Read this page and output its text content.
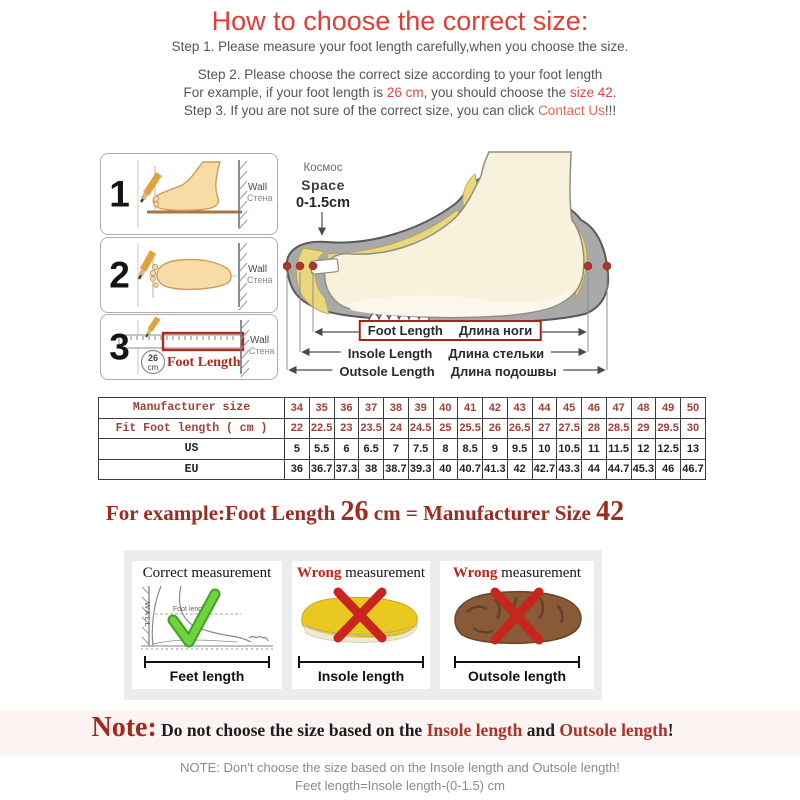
How to choose the correct size:
Step 1. Please measure your foot length carefully,when you choose the size.
Step 2. Please choose the correct size according to your foot length
For example, if your foot length is 26 cm, you should choose the size 42.
Step 3. If you are not sure of the correct size, you can click Contact Us!!!
Wall
Стена
1
Wall
Стена
2
26
cm Foot Length
Wall
Стена
3
Космос
Space
0-1.5cm
Foot Length Длина ноги
Insole Length Длина стельки
Outsole Length Длина подошвы
Manufacturer size	34	35	36	37	38	39	40	41	42	43	44	45	46	47	48	49	50
Fit Foot length ( cm )	22	22.5	23	23.5	24	24.5	25	25.5	26	26.5	27	27.5	28	28.5	29	29.5	30
US	5	5.5	6	6.5	7	7.5	8	8.5	9	9.5	10	10.5	11	11.5	12	12.5	13
EU	36	36.7	37.3	38	38.7	39.3	40	40.7	41.3	42	42.7	43.3	44	44.7	45.3	46	46.7
For example:Foot Length 26 cm = Manufacturer Size 42
Correct measurement
WALL	Foot length
Feet length
Wrong measurement
Insole length
Wrong measurement
Outsole length
Note: Do not choose the size based on the Insole length and Outsole length!
NOTE: Don't choose the size based on the Insole length and Outsole length!
Feet length=Insole length-(0-1.5) cm
